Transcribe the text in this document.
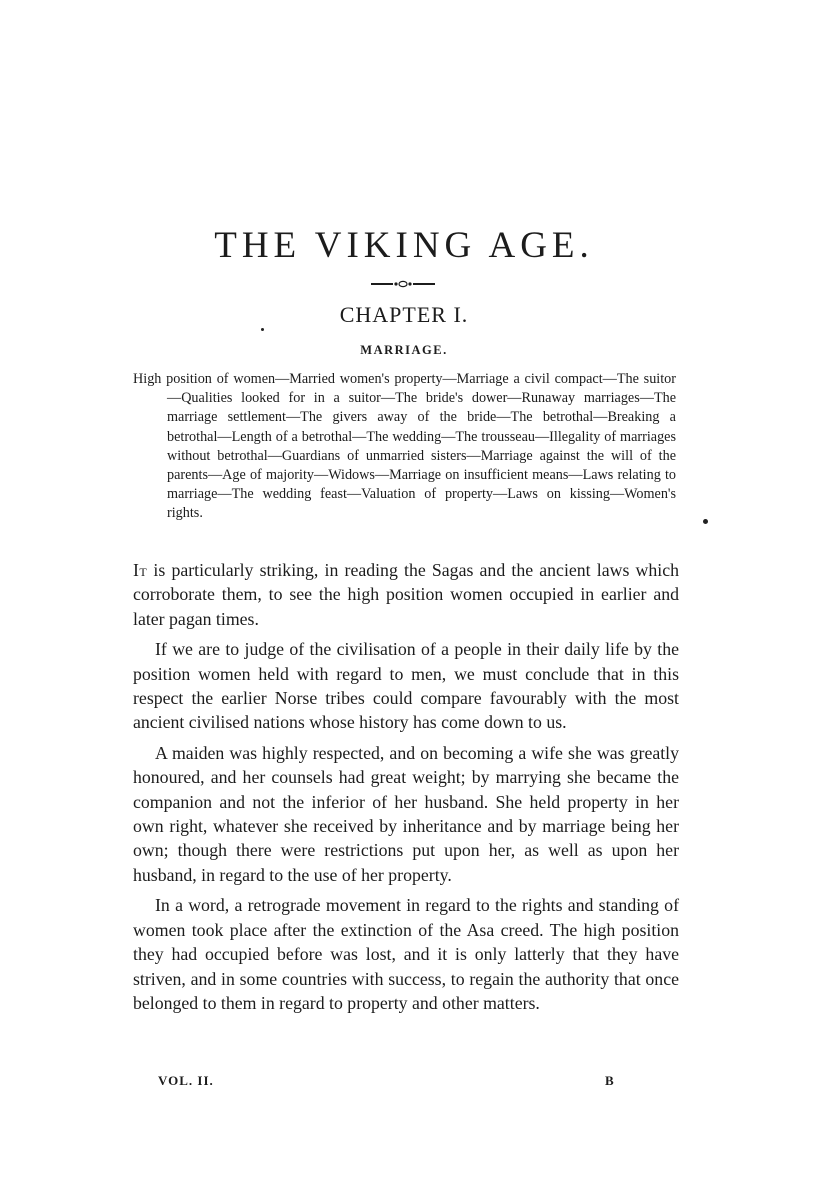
THE VIKING AGE.
CHAPTER I.
MARRIAGE.
High position of women—Married women's property—Marriage a civil compact—The suitor—Qualities looked for in a suitor—The bride's dower—Runaway marriages—The marriage settlement—The givers away of the bride—The betrothal—Breaking a betrothal—Length of a betrothal—The wedding—The trousseau—Illegality of marriages without betrothal—Guardians of unmarried sisters—Marriage against the will of the parents—Age of majority—Widows—Marriage on insufficient means—Laws relating to marriage—The wedding feast—Valuation of property—Laws on kissing—Women's rights.

It is particularly striking, in reading the Sagas and the ancient laws which corroborate them, to see the high position women occupied in earlier and later pagan times.

If we are to judge of the civilisation of a people in their daily life by the position women held with regard to men, we must conclude that in this respect the earlier Norse tribes could compare favourably with the most ancient civilised nations whose history has come down to us.

A maiden was highly respected, and on becoming a wife she was greatly honoured, and her counsels had great weight; by marrying she became the companion and not the inferior of her husband. She held property in her own right, whatever she received by inheritance and by marriage being her own; though there were restrictions put upon her, as well as upon her husband, in regard to the use of her property.

In a word, a retrograde movement in regard to the rights and standing of women took place after the extinction of the Asa creed. The high position they had occupied before was lost, and it is only latterly that they have striven, and in some countries with success, to regain the authority that once belonged to them in regard to property and other matters.

VOL. II.	B
